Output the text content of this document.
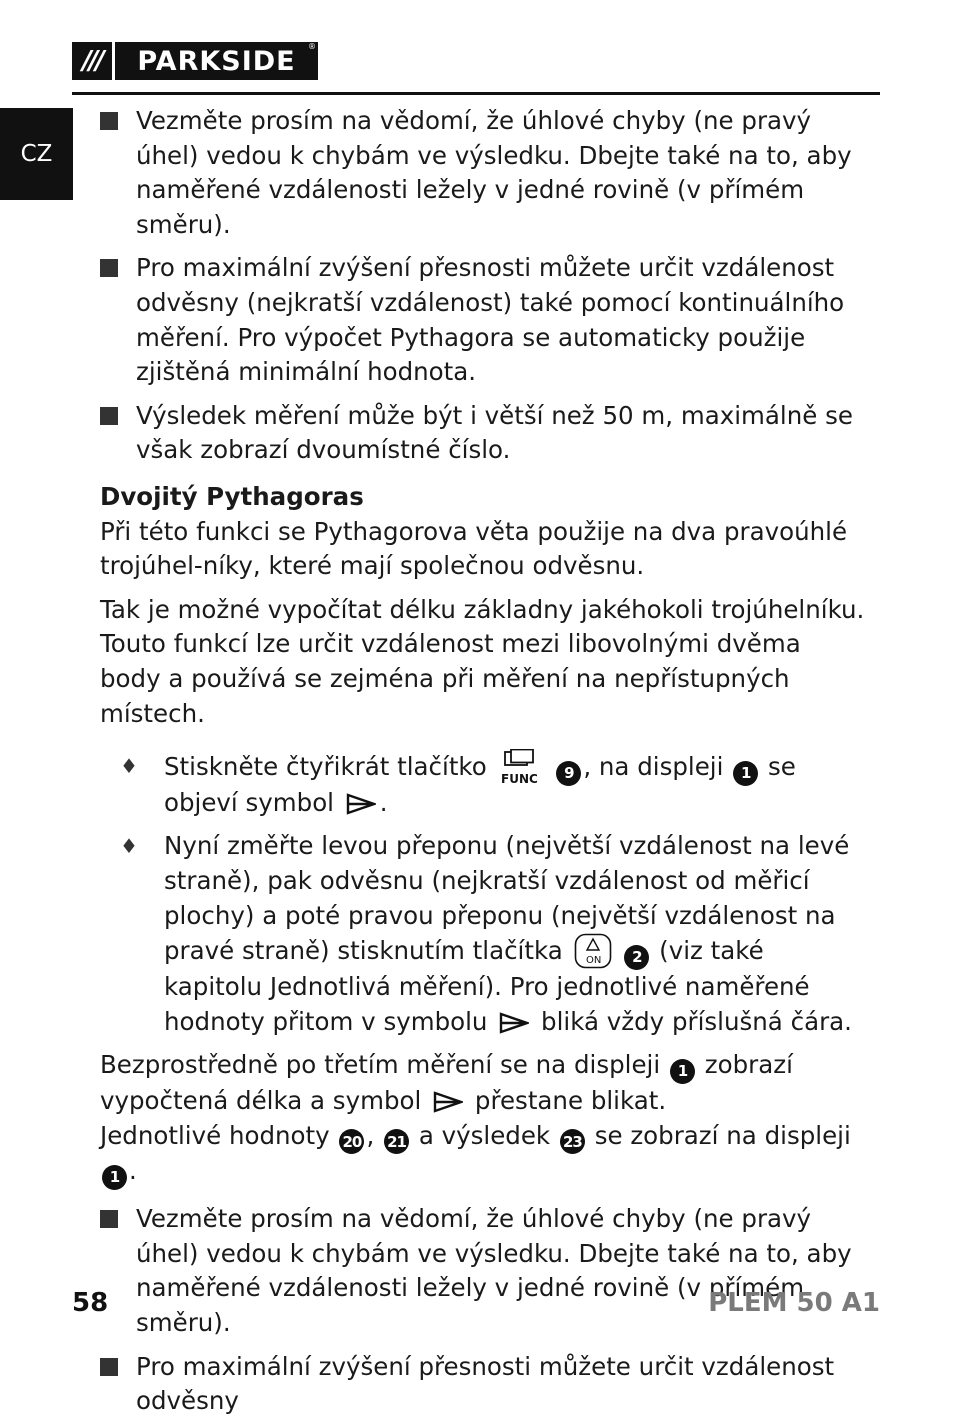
///	PARKSIDE	®
CZ
Vezměte prosím na vědomí, že úhlové chyby (ne pravý úhel) vedou k chybám ve výsledku. Dbejte také na to, aby naměřené vzdálenosti ležely v jedné rovině (v přímém směru).
Pro maximální zvýšení přesnosti můžete určit vzdálenost odvěsny (nejkratší vzdálenost) také pomocí kontinuálního měření. Pro výpočet Pythagora se automaticky použije zjištěná minimální hodnota.
Výsledek měření může být i větší než 50 m, maximálně se však zobrazí dvoumístné číslo.
Dvojitý Pythagoras

Při této funkci se Pythagorova věta použije na dva pravoúhlé trojúhel-níky, které mají společnou odvěsnu.

Tak je možné vypočítat délku základny jakéhokoli trojúhelníku. Touto funkcí lze určit vzdálenost mezi libovolnými dvěma body a používá se zejména při měření na nepřístupných místech.

♦ Stiskněte čtyřikrát tlačítko FUNC 9 , na displeji 1 se objeví symbol .
♦ Nyní změřte levou přeponu (největší vzdálenost na levé straně), pak odvěsnu (nejkratší vzdálenost od měřicí plochy) a poté pravou přeponu (největší vzdálenost na pravé straně) stisknutím tlačítka ON 2 (viz také kapitolu Jednotlivá měření). Pro jednotlivé naměřené hodnoty přitom v symbolu bliká vždy příslušná čára.

Bezprostředně po třetím měření se na displeji 1 zobrazí vypočtená délka a symbol přestane blikat.
Jednotlivé hodnoty 20 , 21 a výsledek 23 se zobrazí na displeji 1 .

Vezměte prosím na vědomí, že úhlové chyby (ne pravý úhel) vedou k chybám ve výsledku. Dbejte také na to, aby naměřené vzdálenosti ležely v jedné rovině (v přímém směru).
Pro maximální zvýšení přesnosti můžete určit vzdálenost odvěsny
58	PLEM 50 A1
